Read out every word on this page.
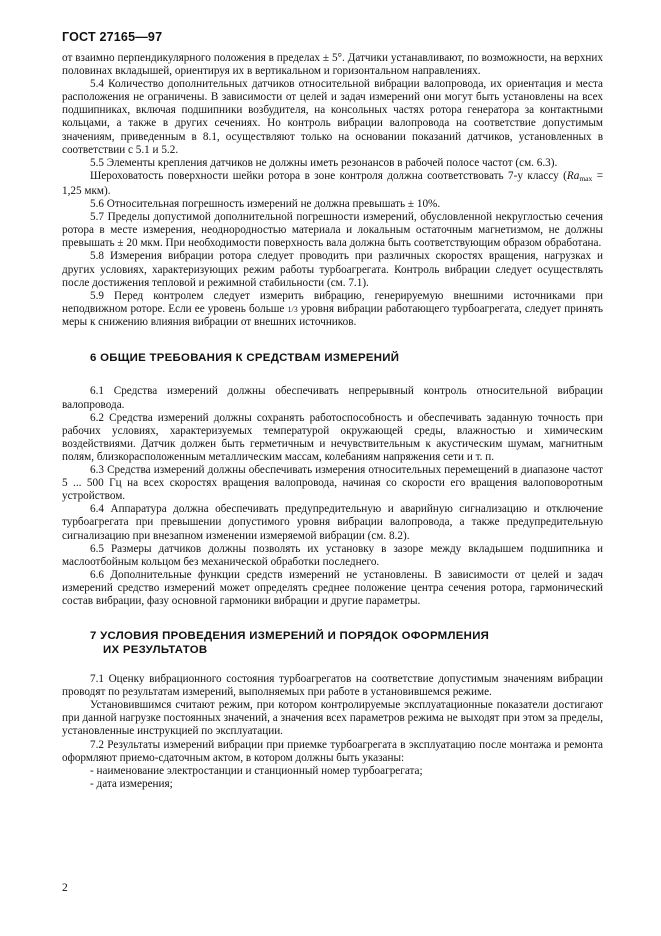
ГОСТ 27165—97

от взаимно перпендикулярного положения в пределах ± 5°. Датчики устанавливают, по возможности, на верхних половинах вкладышей, ориентируя их в вертикальном и горизонтальном направлениях.

5.4 Количество дополнительных датчиков относительной вибрации валопровода, их ориентация и места расположения не ограничены. В зависимости от целей и задач измерений они могут быть установлены на всех подшипниках, включая подшипники возбудителя, на консольных частях ротора генератора за контактными кольцами, а также в других сечениях. Но контроль вибрации валопровода на соответствие допустимым значениям, приведенным в 8.1, осуществляют только на основании показаний датчиков, установленных в соответствии с 5.1 и 5.2.

5.5 Элементы крепления датчиков не должны иметь резонансов в рабочей полосе частот (см. 6.3).

Шероховатость поверхности шейки ротора в зоне контроля должна соответствовать 7-у классу ($Ra_{max} = 1,25$ мкм).

5.6 Относительная погрешность измерений не должна превышать ± 10%.

5.7 Пределы допустимой дополнительной погрешности измерений, обусловленной некруглостью сечения ротора в месте измерения, неоднородностью материала и локальным остаточным магнетизмом, не должны превышать ± 20 мкм. При необходимости поверхность вала должна быть соответствующим образом обработана.

5.8 Измерения вибрации ротора следует проводить при различных скоростях вращения, нагрузках и других условиях, характеризующих режим работы турбоагрегата. Контроль вибрации следует осуществлять после достижения тепловой и режимной стабильности (см. 7.1).

5.9 Перед контролем следует измерить вибрацию, генерируемую внешними источниками при неподвижном роторе. Если ее уровень больше 1/3 уровня вибрации работающего турбоагрегата, следует принять меры к снижению влияния вибрации от внешних источников.

6 ОБЩИЕ ТРЕБОВАНИЯ К СРЕДСТВАМ ИЗМЕРЕНИЙ

6.1 Средства измерений должны обеспечивать непрерывный контроль относительной вибрации валопровода.

6.2 Средства измерений должны сохранять работоспособность и обеспечивать заданную точность при рабочих условиях, характеризуемых температурой окружающей среды, влажностью и химическим воздействиями. Датчик должен быть герметичным и нечувствительным к акустическим шумам, магнитным полям, близкорасположенным металлическим массам, колебаниям напряжения сети и т. п.

6.3 Средства измерений должны обеспечивать измерения относительных перемещений в диапазоне частот 5 ... 500 Гц на всех скоростях вращения валопровода, начиная со скорости его вращения валоповоротным устройством.

6.4 Аппаратура должна обеспечивать предупредительную и аварийную сигнализацию и отключение турбоагрегата при превышении допустимого уровня вибрации валопровода, а также предупредительную сигнализацию при внезапном изменении измеряемой вибрации (см. 8.2).

6.5 Размеры датчиков должны позволять их установку в зазоре между вкладышем подшипника и маслоотбойным кольцом без механической обработки последнего.

6.6 Дополнительные функции средств измерений не установлены. В зависимости от целей и задач измерений средство измерений может определять среднее положение центра сечения ротора, гармонический состав вибрации, фазу основной гармоники вибрации и другие параметры.

7 УСЛОВИЯ ПРОВЕДЕНИЯ ИЗМЕРЕНИЙ И ПОРЯДОК ОФОРМЛЕНИЯ
ИХ РЕЗУЛЬТАТОВ

7.1 Оценку вибрационного состояния турбоагрегатов на соответствие допустимым значениям вибрации проводят по результатам измерений, выполняемых при работе в установившемся режиме.

Установившимся считают режим, при котором контролируемые эксплуатационные показатели достигают при данной нагрузке постоянных значений, а значения всех параметров режима не выходят при этом за пределы, установленные инструкцией по эксплуатации.

7.2 Результаты измерений вибрации при приемке турбоагрегата в эксплуатацию после монтажа и ремонта оформляют приемо-сдаточным актом, в котором должны быть указаны:

- наименование электростанции и станционный номер турбоагрегата;
- дата измерения;
2
